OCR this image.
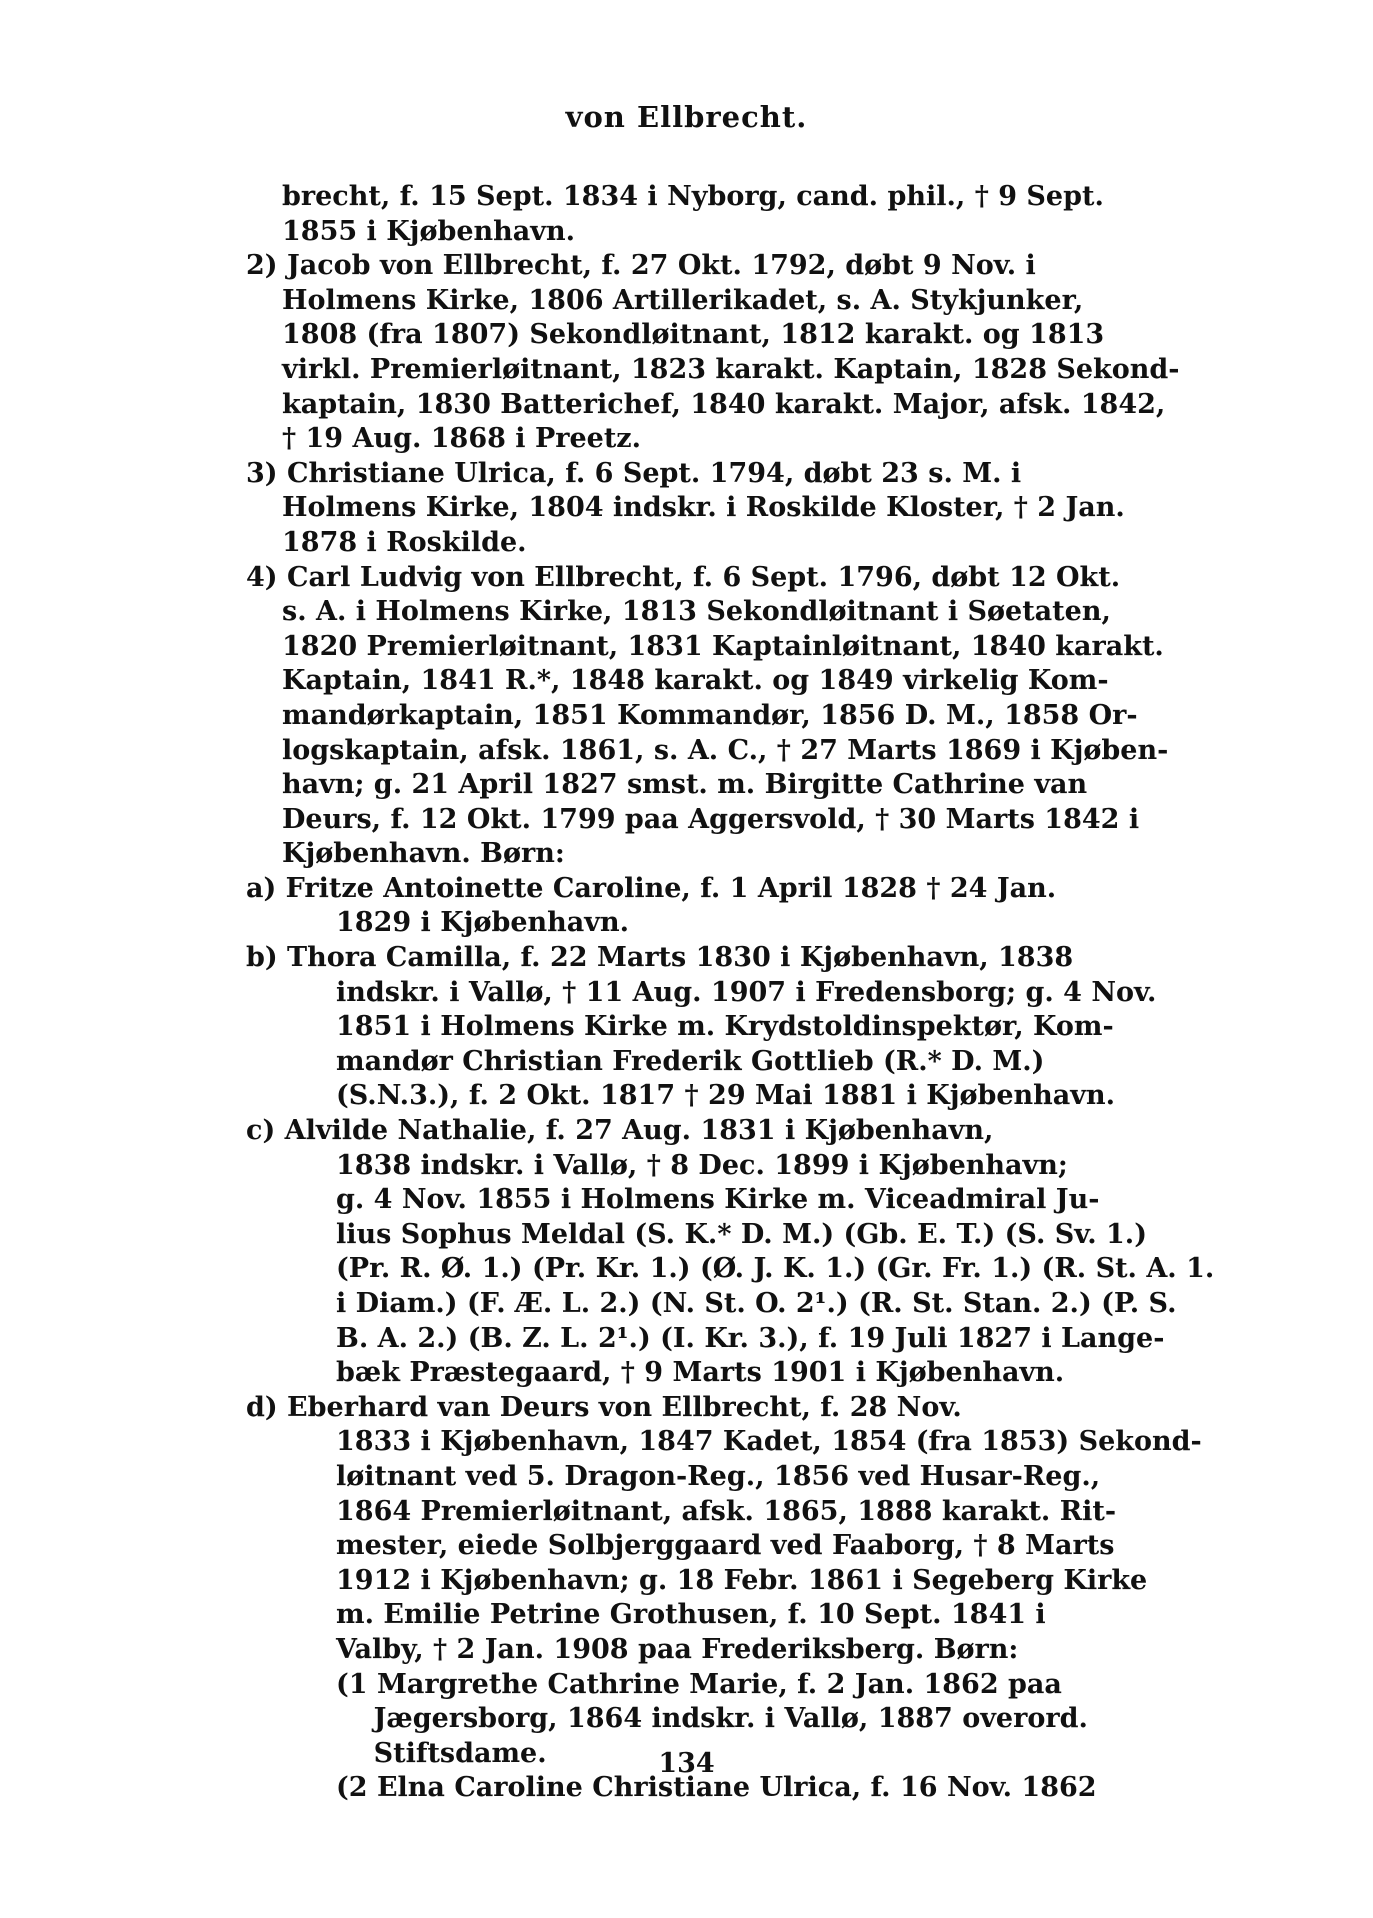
von Ellbrecht.
brecht, f. 15 Sept. 1834 i Nyborg, cand. phil., † 9 Sept.
1855 i Kjøbenhavn.
2) Jacob von Ellbrecht, f. 27 Okt. 1792, døbt 9 Nov. i
Holmens Kirke, 1806 Artillerikadet, s. A. Stykjunker,
1808 (fra 1807) Sekondløitnant, 1812 karakt. og 1813
virkl. Premierløitnant, 1823 karakt. Kaptain, 1828 Sekond-
kaptain, 1830 Batterichef, 1840 karakt. Major, afsk. 1842,
† 19 Aug. 1868 i Preetz.
3) Christiane Ulrica, f. 6 Sept. 1794, døbt 23 s. M. i
Holmens Kirke, 1804 indskr. i Roskilde Kloster, † 2 Jan.
1878 i Roskilde.
4) Carl Ludvig von Ellbrecht, f. 6 Sept. 1796, døbt 12 Okt.
s. A. i Holmens Kirke, 1813 Sekondløitnant i Søetaten,
1820 Premierløitnant, 1831 Kaptainløitnant, 1840 karakt.
Kaptain, 1841 R.*, 1848 karakt. og 1849 virkelig Kom-
mandørkaptain, 1851 Kommandør, 1856 D. M., 1858 Or-
logskaptain, afsk. 1861, s. A. C., † 27 Marts 1869 i Kjøben-
havn; g. 21 April 1827 smst. m. Birgitte Cathrine van
Deurs, f. 12 Okt. 1799 paa Aggersvold, † 30 Marts 1842 i
Kjøbenhavn. Børn:
a) Fritze Antoinette Caroline, f. 1 April 1828 † 24 Jan.
1829 i Kjøbenhavn.
b) Thora Camilla, f. 22 Marts 1830 i Kjøbenhavn, 1838
indskr. i Vallø, † 11 Aug. 1907 i Fredensborg; g. 4 Nov.
1851 i Holmens Kirke m. Krydstoldinspektør, Kom-
mandør Christian Frederik Gottlieb (R.* D. M.)
(S.N.3.), f. 2 Okt. 1817 † 29 Mai 1881 i Kjøbenhavn.
c) Alvilde Nathalie, f. 27 Aug. 1831 i Kjøbenhavn,
1838 indskr. i Vallø, † 8 Dec. 1899 i Kjøbenhavn;
g. 4 Nov. 1855 i Holmens Kirke m. Viceadmiral Ju-
lius Sophus Meldal (S. K.* D. M.) (Gb. E. T.) (S. Sv. 1.)
(Pr. R. Ø. 1.) (Pr. Kr. 1.) (Ø. J. K. 1.) (Gr. Fr. 1.) (R. St. A. 1.
i Diam.) (F. Æ. L. 2.) (N. St. O. 2¹.) (R. St. Stan. 2.) (P. S.
B. A. 2.) (B. Z. L. 2¹.) (I. Kr. 3.), f. 19 Juli 1827 i Lange-
bæk Præstegaard, † 9 Marts 1901 i Kjøbenhavn.
d) Eberhard van Deurs von Ellbrecht, f. 28 Nov.
1833 i Kjøbenhavn, 1847 Kadet, 1854 (fra 1853) Sekond-
løitnant ved 5. Dragon-Reg., 1856 ved Husar-Reg.,
1864 Premierløitnant, afsk. 1865, 1888 karakt. Rit-
mester, eiede Solbjerggaard ved Faaborg, † 8 Marts
1912 i Kjøbenhavn; g. 18 Febr. 1861 i Segeberg Kirke
m. Emilie Petrine Grothusen, f. 10 Sept. 1841 i
Valby, † 2 Jan. 1908 paa Frederiksberg. Børn:
(1 Margrethe Cathrine Marie, f. 2 Jan. 1862 paa
Jægersborg, 1864 indskr. i Vallø, 1887 overord.
Stiftsdame.
(2 Elna Caroline Christiane Ulrica, f. 16 Nov. 1862
134
